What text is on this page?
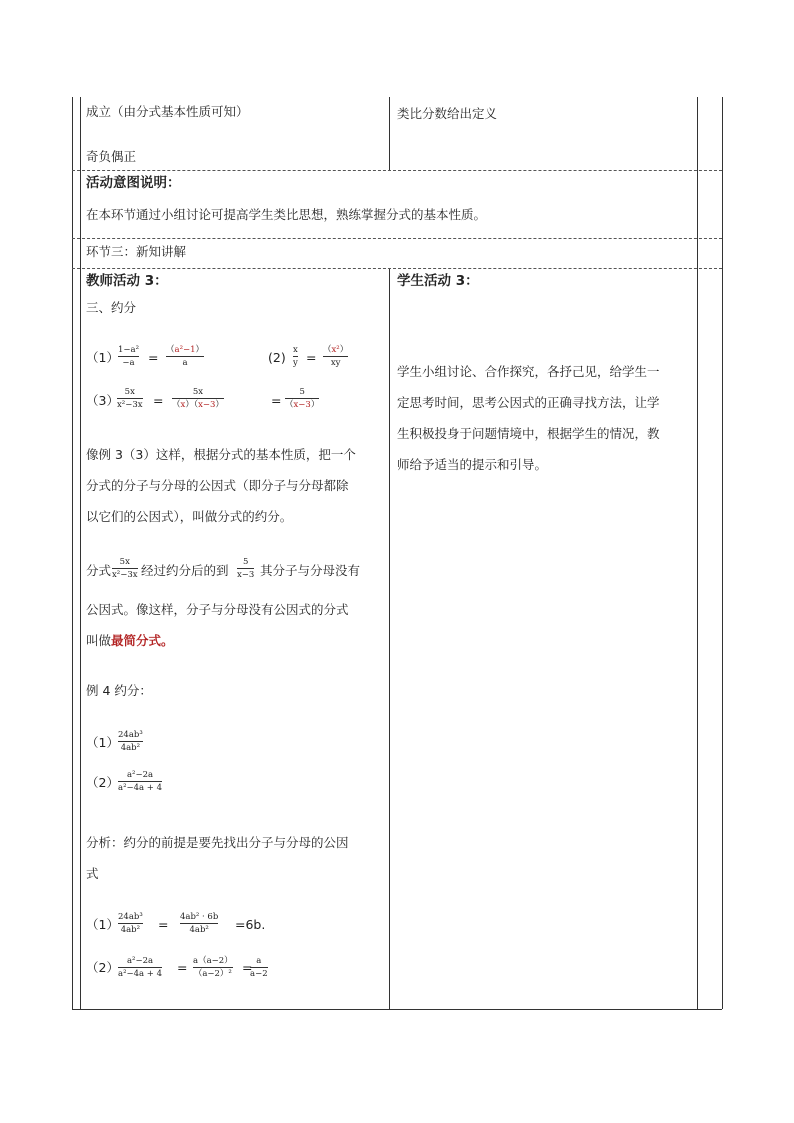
成立（由分式基本性质可知）
奇负偶正
类比分数给出定义
活动意图说明：
在本环节通过小组讨论可提高学生类比思想，熟练掌握分式的基本性质。
环节三：新知讲解
教师活动 3：
三、约分
（1） 1−a²
−a = （a²−1）
a	(2) x
y = （x²）
xy
（3）
5x
x²−3x =
5x
（x）（x−3）	=
5
（x−3）
像例 3（3）这样，根据分式的基本性质，把一个
分式的分子与分母的公因式（即分子与分母都除
以它们的公因式），叫做分式的约分。
分式
5x
x²−3x 经过约分后的到
5
x−3 其分子与分母没有
公因式。像这样，分子与分母没有公因式的分式
叫做最简分式。
例 4 约分：
（1） 24ab³
4ab²
（2） a²−2a
a²−4a + 4
分析：约分的前提是要先找出分子与分母的公因
式
（1） 24ab³
4ab² = 4ab² · 6b
4ab² =6b.
（2） a²−2a
a²−4a + 4 = a（a−2）
（a−2）² = a
a−2
学生活动 3：
学生小组讨论、合作探究，各抒己见，给学生一
定思考时间，思考公因式的正确寻找方法，让学
生积极投身于问题情境中，根据学生的情况，教
师给予适当的提示和引导。
